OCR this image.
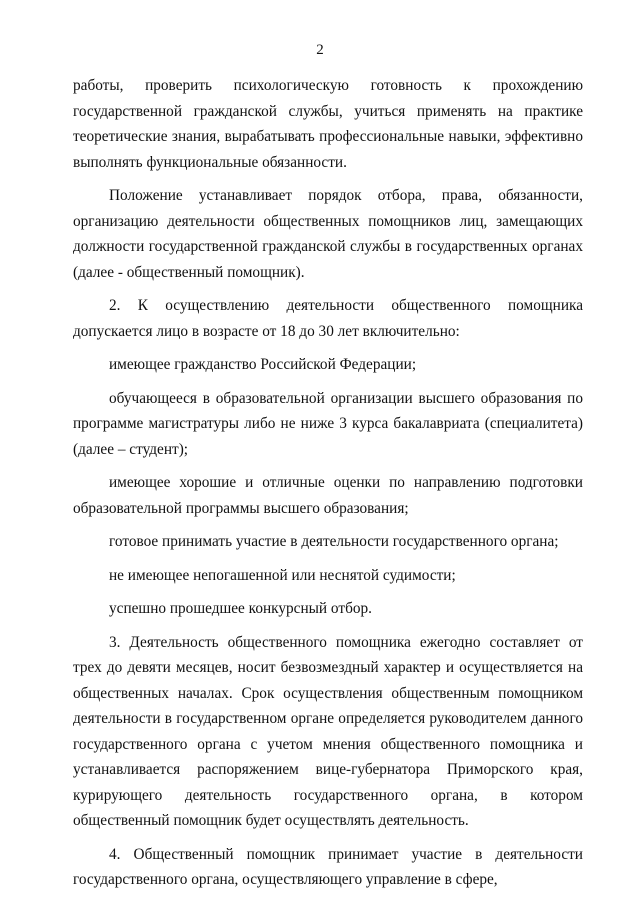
2

работы, проверить психологическую готовность к прохождению государственной гражданской службы, учиться применять на практике теоретические знания, вырабатывать профессиональные навыки, эффективно выполнять функциональные обязанности.

Положение устанавливает порядок отбора, права, обязанности, организацию деятельности общественных помощников лиц, замещающих должности государственной гражданской службы в государственных органах (далее - общественный помощник).

2. К осуществлению деятельности общественного помощника допускается лицо в возрасте от 18 до 30 лет включительно:

имеющее гражданство Российской Федерации;

обучающееся в образовательной организации высшего образования по программе магистратуры либо не ниже 3 курса бакалавриата (специалитета) (далее – студент);

имеющее хорошие и отличные оценки по направлению подготовки образовательной программы высшего образования;

готовое принимать участие в деятельности государственного органа;

не имеющее непогашенной или неснятой судимости;

успешно прошедшее конкурсный отбор.

3. Деятельность общественного помощника ежегодно составляет от трех до девяти месяцев, носит безвозмездный характер и осуществляется на общественных началах. Срок осуществления общественным помощником деятельности в государственном органе определяется руководителем данного государственного органа с учетом мнения общественного помощника и устанавливается распоряжением вице-губернатора Приморского края, курирующего деятельность государственного органа, в котором общественный помощник будет осуществлять деятельность.

4. Общественный помощник принимает участие в деятельности государственного органа, осуществляющего управление в сфере,
